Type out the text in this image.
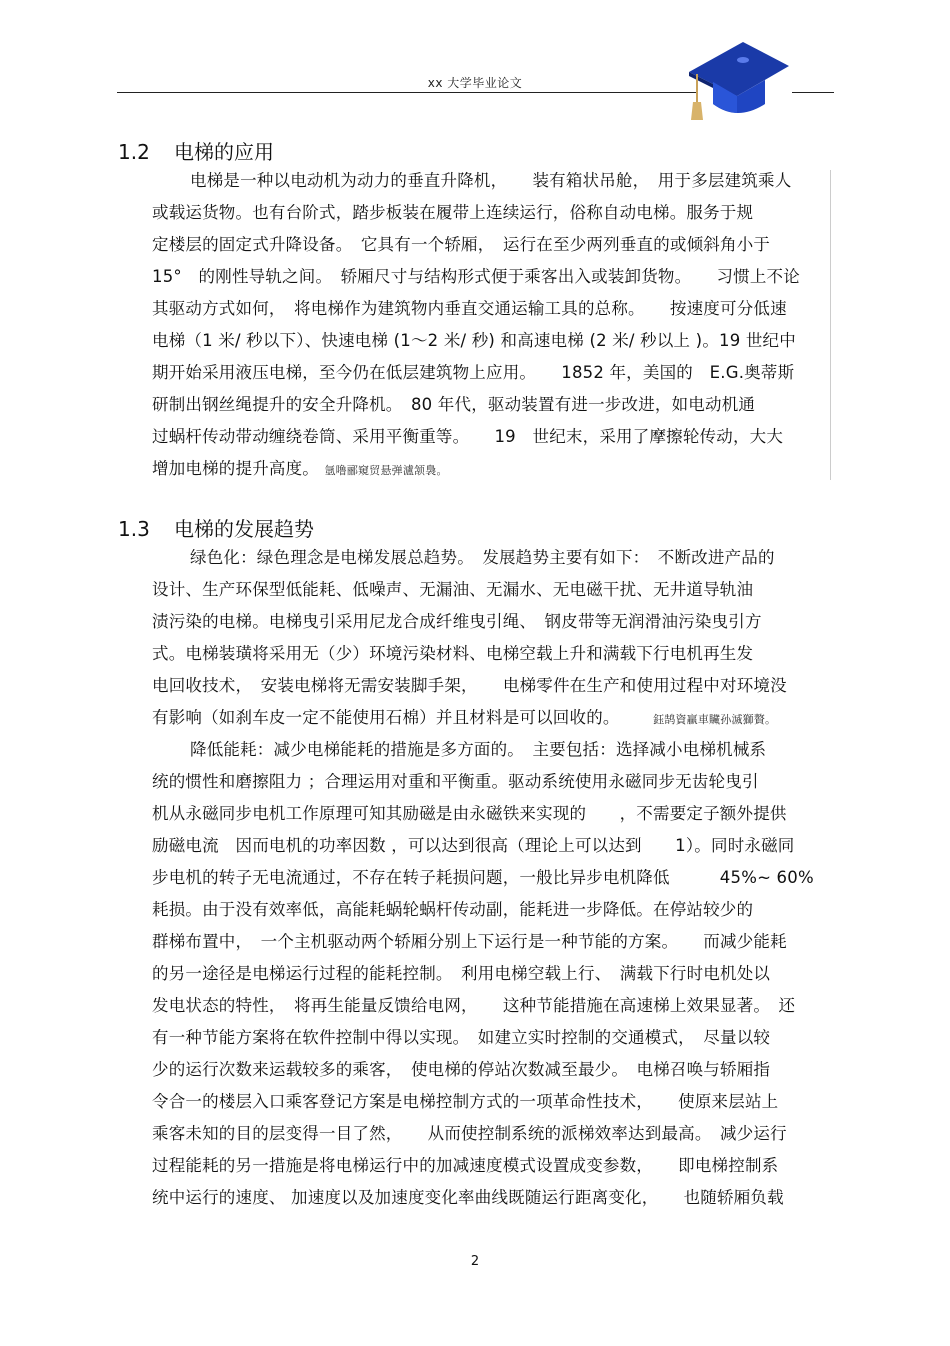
xx 大学毕业论文
1.2 电梯的应用
电梯是一种以电动机为动力的垂直升降机，　　装有箱状吊舱，　用于多层建筑乘人
或载运货物。也有台阶式，踏步板装在履带上连续运行，俗称自动电梯。服务于规
定楼层的固定式升降设备。　它具有一个轿厢，　运行在至少两列垂直的或倾斜角小于
15°　的刚性导轨之间。　轿厢尺寸与结构形式便于乘客出入或装卸货物。　　习惯上不论
其驱动方式如何，　将电梯作为建筑物内垂直交通运输工具的总称。　　按速度可分低速
电梯（1 米/ 秒以下）、快速电梯 (1～2 米/ 秒) 和高速电梯 (2 米/ 秒以上 )。19 世纪中
期开始采用液压电梯，至今仍在低层建筑物上应用。　　1852 年，美国的　E.G.奥蒂斯
研制出钢丝绳提升的安全升降机。　80 年代，驱动装置有进一步改进，如电动机通
过蜗杆传动带动缠绕卷筒、采用平衡重等。　　19　世纪末，采用了摩擦轮传动，大大
增加电梯的提升高度。 氬噜郦窺贸悬弹瀘颔裊。
1.3 电梯的发展趋势
绿色化：绿色理念是电梯发展总趋势。　发展趋势主要有如下：　不断改进产品的
设计、生产环保型低能耗、低噪声、无漏油、无漏水、无电磁干扰、无井道导轨油
渍污染的电梯。电梯曳引采用尼龙合成纤维曳引绳、　钢皮带等无润滑油污染曳引方
式。电梯装璜将采用无（少）环境污染材料、电梯空载上升和满载下行电机再生发
电回收技术，　安装电梯将无需安装脚手架，　　电梯零件在生产和使用过程中对环境没
有影响（如刹车皮一定不能使用石棉）并且材料是可以回收的。	鈺鹄資贏車贜孙滅獅贅。
降低能耗：减少电梯能耗的措施是多方面的。　主要包括：选择减小电梯机械系
统的惯性和磨擦阻力 ；合理运用对重和平衡重。驱动系统使用永磁同步无齿轮曳引
机从永磁同步电机工作原理可知其励磁是由永磁铁来实现的　　，不需要定子额外提供
励磁电流　因而电机的功率因数 ，可以达到很高（理论上可以达到　　1）。同时永磁同
步电机的转子无电流通过，不存在转子耗损问题，一般比异步电机降低　　　45%~ 60%
耗损。由于没有效率低，高能耗蜗轮蜗杆传动副，能耗进一步降低。在停站较少的
群梯布置中，　一个主机驱动两个轿厢分别上下运行是一种节能的方案。　　而减少能耗
的另一途径是电梯运行过程的能耗控制。　利用电梯空载上行、　满载下行时电机处以
发电状态的特性，　将再生能量反馈给电网，　　这种节能措施在高速梯上效果显著。　还
有一种节能方案将在软件控制中得以实现。　如建立实时控制的交通模式，　尽量以较
少的运行次数来运载较多的乘客，　使电梯的停站次数减至最少。　电梯召唤与轿厢指
令合一的楼层入口乘客登记方案是电梯控制方式的一项革命性技术，　　使原来层站上
乘客未知的目的层变得一目了然，　　从而使控制系统的派梯效率达到最高。　减少运行
过程能耗的另一措施是将电梯运行中的加减速度模式设置成变参数，　　即电梯控制系
统中运行的速度、 加速度以及加速度变化率曲线既随运行距离变化，　　也随轿厢负载
2
